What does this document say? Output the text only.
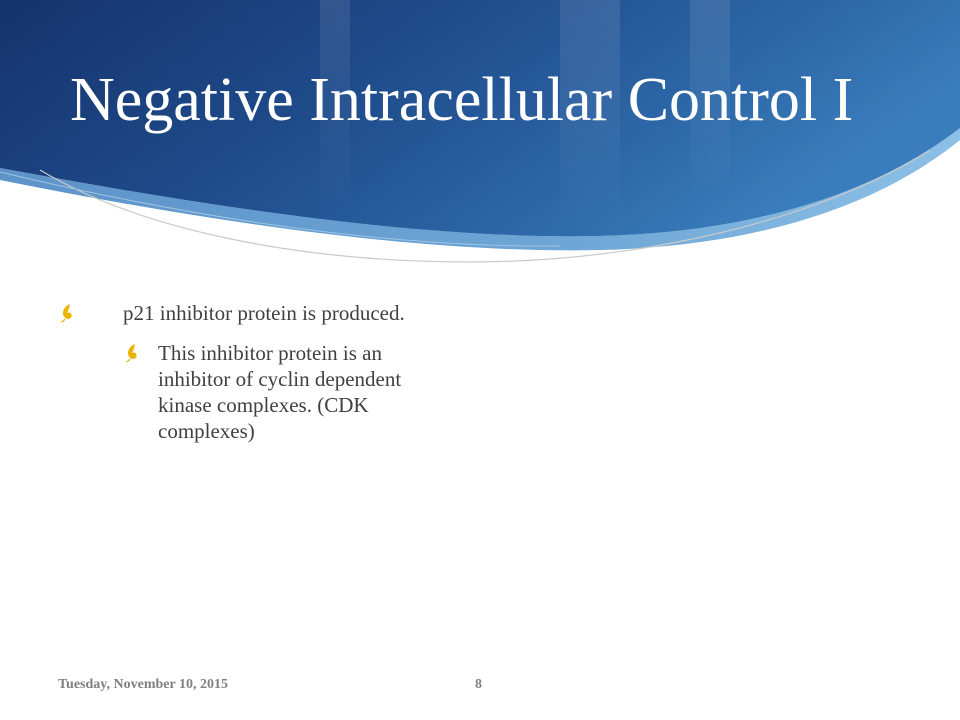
Negative Intracellular Control I
p21 inhibitor protein is produced.
This inhibitor protein is an inhibitor of cyclin dependent kinase complexes. (CDK complexes)
Tuesday, November 10, 2015	8
